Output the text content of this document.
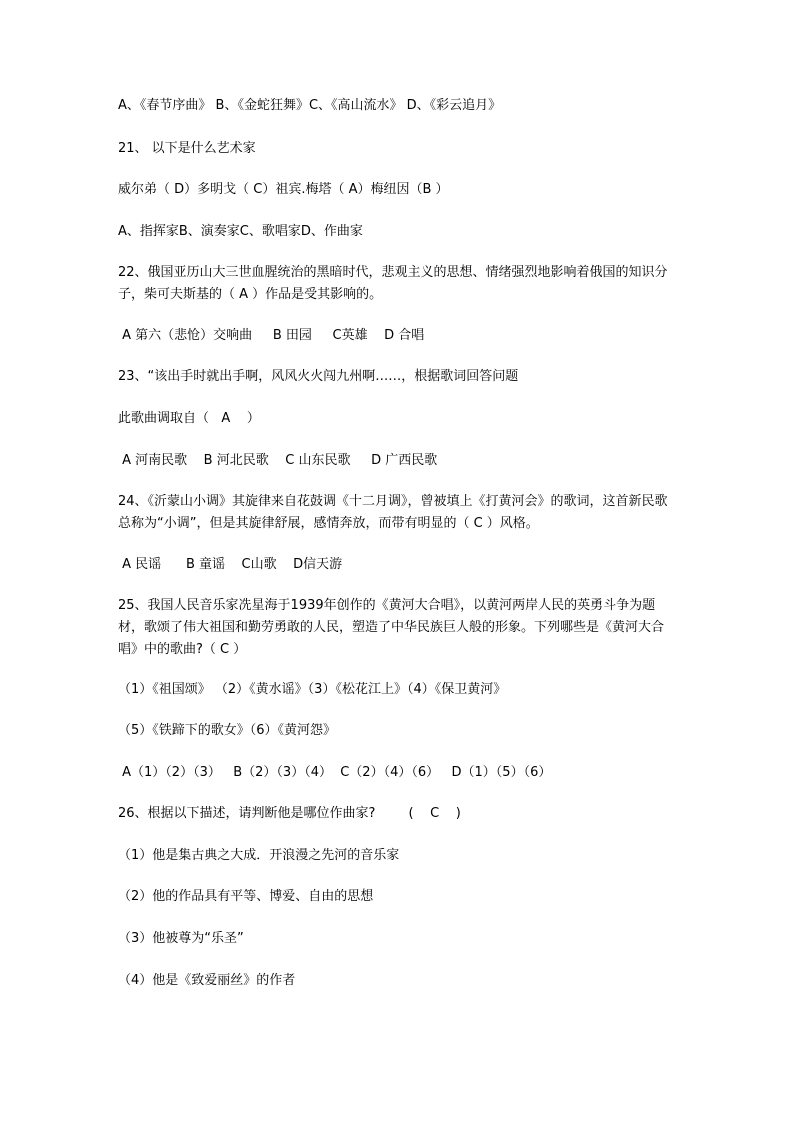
A、《春节序曲》 B、《金蛇狂舞》C、《高山流水》 D、《彩云追月》
21、 以下是什么艺术家
威尔弟（ D）多明戈（ C）祖宾.梅塔（ A）梅纽因（B ）
A、指挥家B、演奏家C、歌唱家D、作曲家
22、俄国亚历山大三世血腥统治的黑暗时代，悲观主义的思想、情绪强烈地影响着俄国的知识分子，柴可夫斯基的（ A ）作品是受其影响的。
A 第六（悲怆）交响曲     B 田园     C英雄    D 合唱
23、“该出手时就出手啊，风风火火闯九州啊……，根据歌词回答问题
此歌曲调取自（   A    ）
A 河南民歌    B 河北民歌    C 山东民歌     D 广西民歌
24、《沂蒙山小调》其旋律来自花鼓调《十二月调》，曾被填上《打黄河会》的歌词，这首新民歌总称为“小调”，但是其旋律舒展，感情奔放，而带有明显的（ C ）风格。
A 民谣      B 童谣    C山歌    D信天游
25、我国人民音乐家冼星海于1939年创作的《黄河大合唱》，以黄河两岸人民的英勇斗争为题材，歌颂了伟大祖国和勤劳勇敢的人民，塑造了中华民族巨人般的形象。下列哪些是《黄河大合唱》中的歌曲?（ C ）
（1）《祖国颂》 （2）《黄水谣》（3）《松花江上》（4）《保卫黄河》
（5）《铁蹄下的歌女》（6）《黄河怨》
A（1）（2）（3）   B（2）（3）（4）  C（2）（4）（6）   D（1）（5）（6）
26、根据以下描述，请判断他是哪位作曲家?        (    C    )
（1）他是集古典之大成．开浪漫之先河的音乐家
（2）他的作品具有平等、博爱、自由的思想
（3）他被尊为“乐圣”
（4）他是《致爱丽丝》的作者
